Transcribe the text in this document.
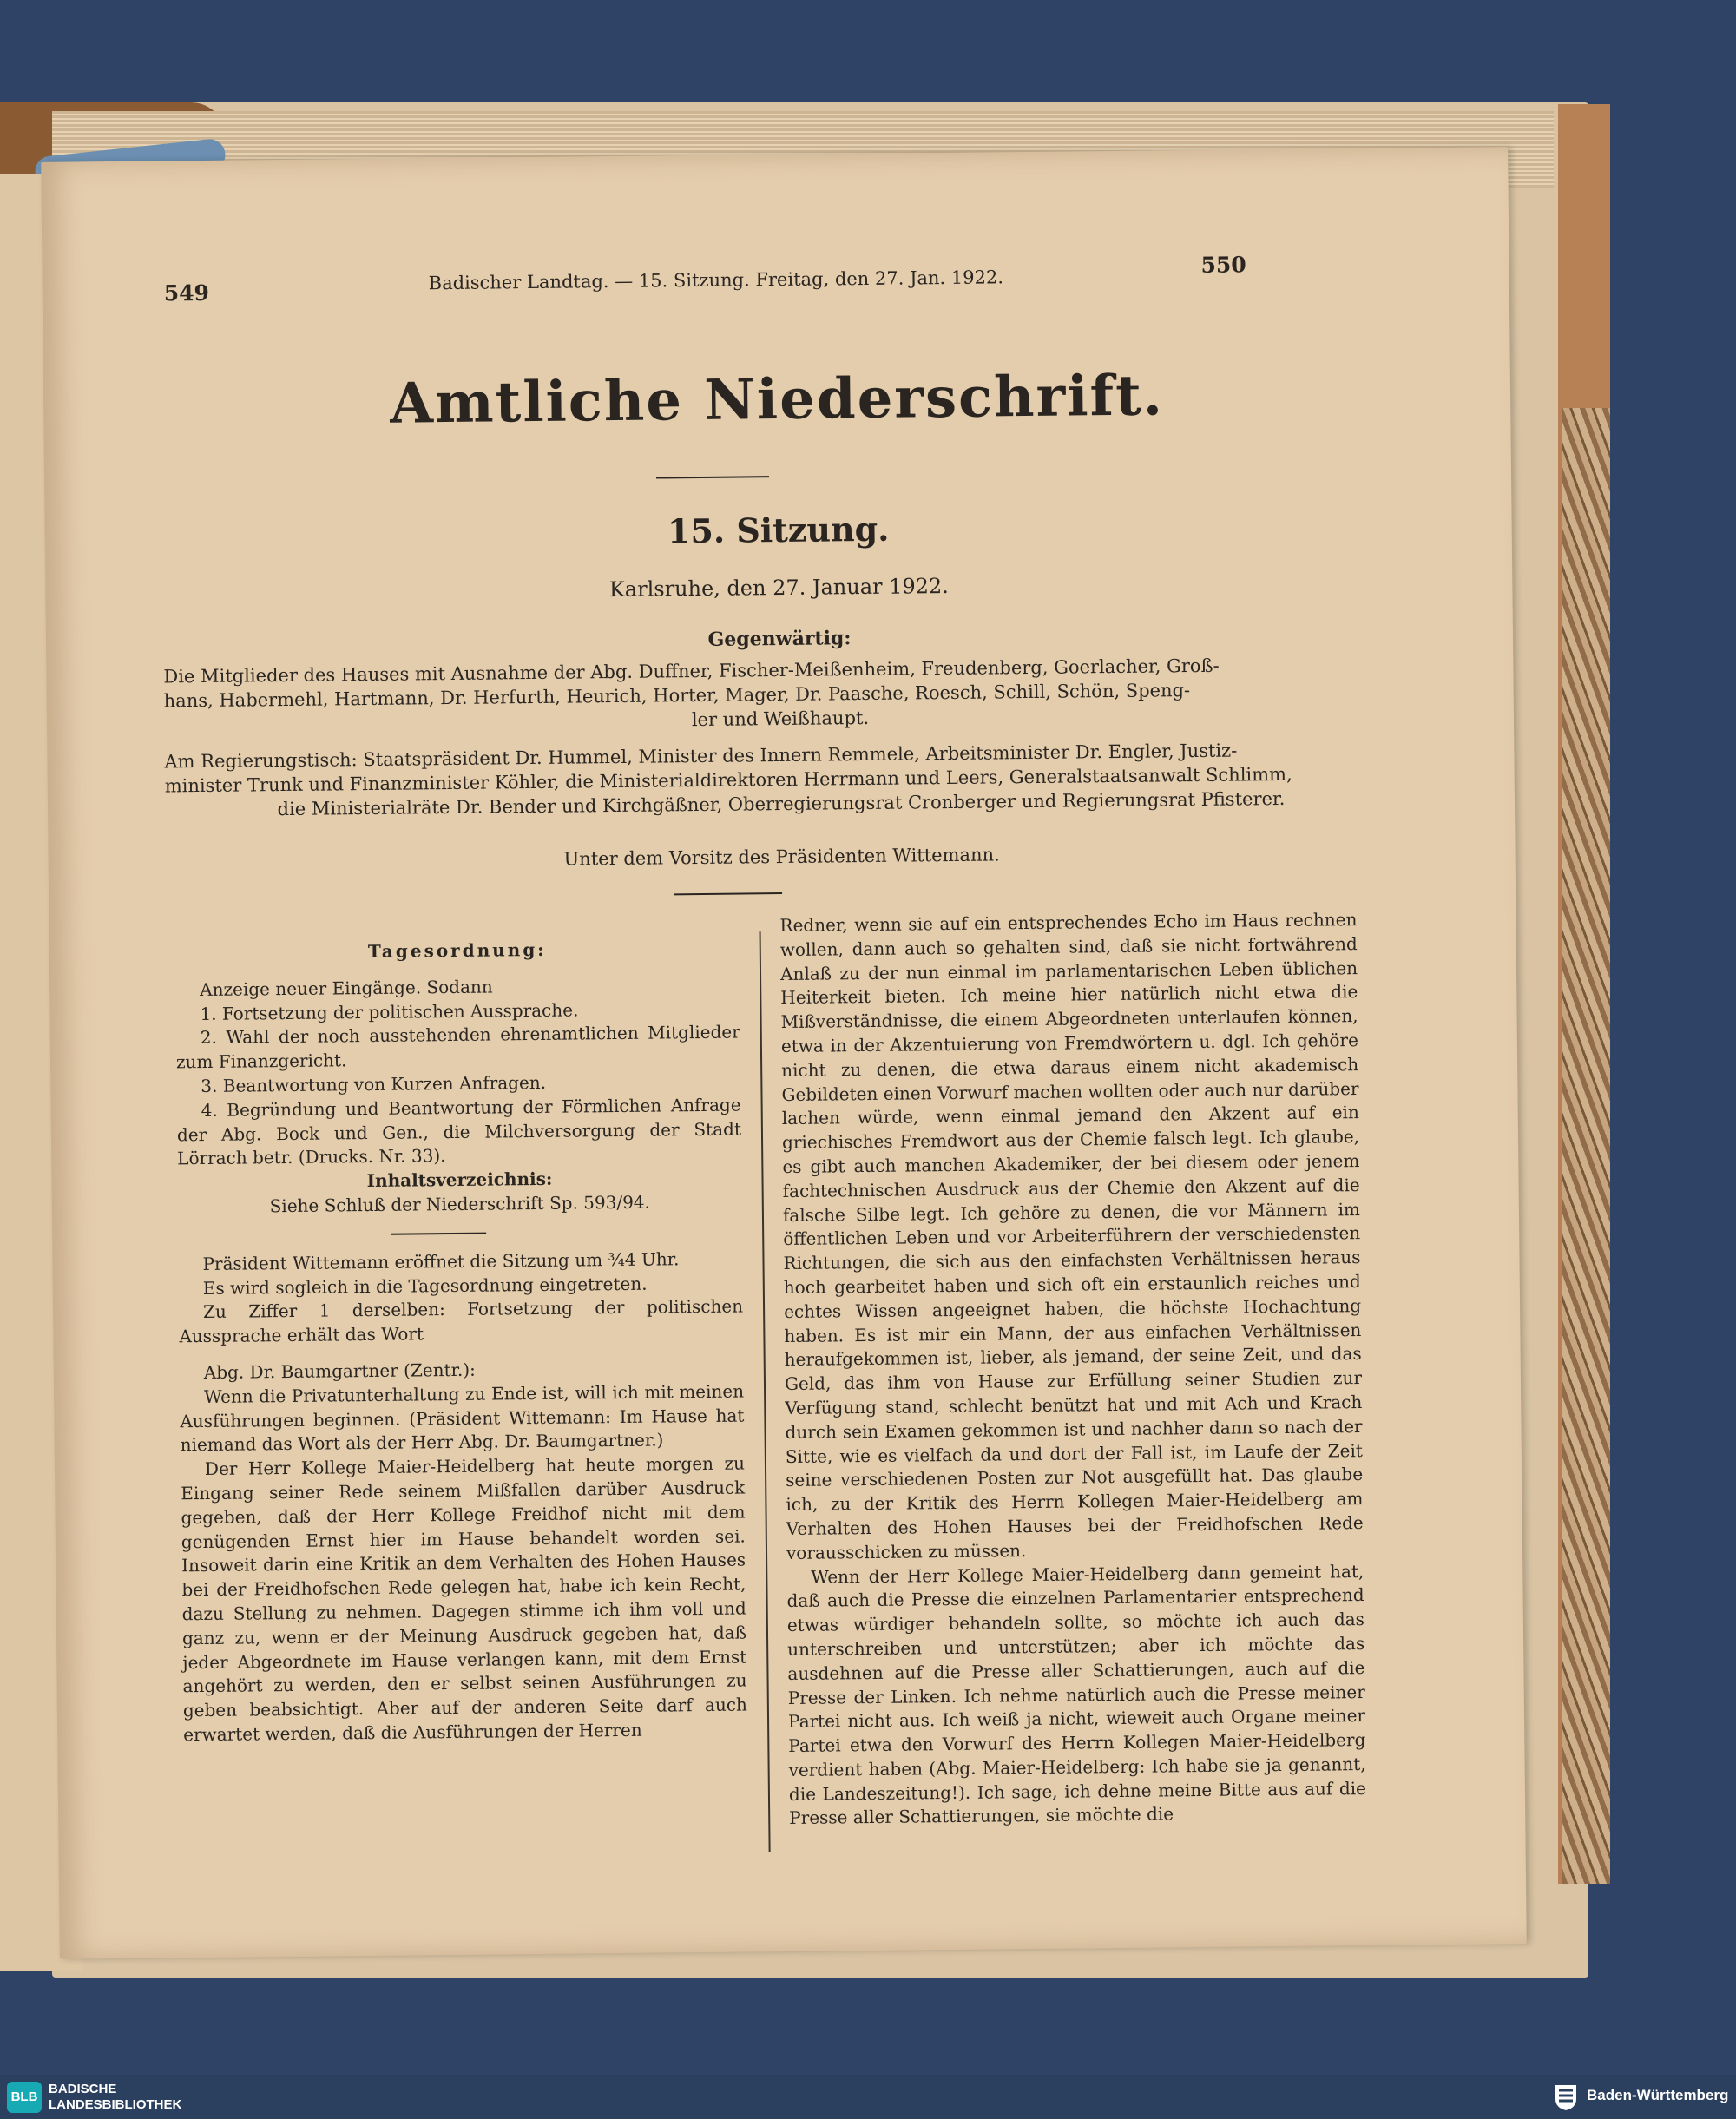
549	Badischer Landtag. — 15. Sitzung. Freitag, den 27. Jan. 1922.
550
Amtliche Niederschrift.
15. Sitzung.
Karlsruhe, den 27. Januar 1922.
Gegenwärtig:
Die Mitglieder des Hauses mit Ausnahme der Abg. Duffner, Fischer-Meißenheim, Freudenberg, Goerlacher, Groß-
hans, Habermehl, Hartmann, Dr. Herfurth, Heurich, Horter, Mager, Dr. Paasche, Roesch, Schill, Schön, Speng-
ler und Weißhaupt.
Am Regierungstisch: Staatspräsident Dr. Hummel, Minister des Innern Remmele, Arbeitsminister Dr. Engler, Justiz-
minister Trunk und Finanzminister Köhler, die Ministerialdirektoren Herrmann und Leers, Generalstaatsanwalt Schlimm,
die Ministerialräte Dr. Bender und Kirchgäßner, Oberregierungsrat Cronberger und Regierungsrat Pfisterer.
Unter dem Vorsitz des Präsidenten Wittemann.

Tagesordnung:

Anzeige neuer Eingänge. Sodann

1. Fortsetzung der politischen Aussprache.

2. Wahl der noch ausstehenden ehrenamtlichen Mitglieder zum Finanzgericht.

3. Beantwortung von Kurzen Anfragen.

4. Begründung und Beantwortung der Förmlichen Anfrage der Abg. Bock und Gen., die Milchversorgung der Stadt Lörrach betr. (Drucks. Nr. 33).

Inhaltsverzeichnis:

Siehe Schluß der Niederschrift Sp. 593/94.

Präsident Wittemann eröffnet die Sitzung um ¾4 Uhr.

Es wird sogleich in die Tagesordnung eingetreten.

Zu Ziffer 1 derselben: Fortsetzung der politischen Aussprache erhält das Wort

Abg. Dr. Baumgartner (Zentr.):

Wenn die Privatunterhaltung zu Ende ist, will ich mit meinen Ausführungen beginnen. (Präsident Wittemann: Im Hause hat niemand das Wort als der Herr Abg. Dr. Baumgartner.)

Der Herr Kollege Maier-Heidelberg hat heute morgen zu Eingang seiner Rede seinem Mißfallen darüber Ausdruck gegeben, daß der Herr Kollege Freidhof nicht mit dem genügenden Ernst hier im Hause behandelt worden sei. Insoweit darin eine Kritik an dem Verhalten des Hohen Hauses bei der Freidhofschen Rede gelegen hat, habe ich kein Recht, dazu Stellung zu nehmen. Dagegen stimme ich ihm voll und ganz zu, wenn er der Meinung Ausdruck gegeben hat, daß jeder Abgeordnete im Hause verlangen kann, mit dem Ernst angehört zu werden, den er selbst seinen Ausführungen zu geben beabsichtigt. Aber auf der anderen Seite darf auch erwartet werden, daß die Ausführungen der Herren

Redner, wenn sie auf ein entsprechendes Echo im Haus rechnen wollen, dann auch so gehalten sind, daß sie nicht fortwährend Anlaß zu der nun einmal im parlamentarischen Leben üblichen Heiterkeit bieten. Ich meine hier natürlich nicht etwa die Mißverständnisse, die einem Abgeordneten unterlaufen können, etwa in der Akzentuierung von Fremdwörtern u. dgl. Ich gehöre nicht zu denen, die etwa daraus einem nicht akademisch Gebildeten einen Vorwurf machen wollten oder auch nur darüber lachen würde, wenn einmal jemand den Akzent auf ein griechisches Fremdwort aus der Chemie falsch legt. Ich glaube, es gibt auch manchen Akademiker, der bei diesem oder jenem fachtechnischen Ausdruck aus der Chemie den Akzent auf die falsche Silbe legt. Ich gehöre zu denen, die vor Männern im öffentlichen Leben und vor Arbeiterführern der verschiedensten Richtungen, die sich aus den einfachsten Verhältnissen heraus hoch gearbeitet haben und sich oft ein erstaunlich reiches und echtes Wissen angeeignet haben, die höchste Hochachtung haben. Es ist mir ein Mann, der aus einfachen Verhältnissen heraufgekommen ist, lieber, als jemand, der seine Zeit, und das Geld, das ihm von Hause zur Erfüllung seiner Studien zur Verfügung stand, schlecht benützt hat und mit Ach und Krach durch sein Examen gekommen ist und nachher dann so nach der Sitte, wie es vielfach da und dort der Fall ist, im Laufe der Zeit seine verschiedenen Posten zur Not ausgefüllt hat. Das glaube ich, zu der Kritik des Herrn Kollegen Maier-Heidelberg am Verhalten des Hohen Hauses bei der Freidhofschen Rede vorausschicken zu müssen.

Wenn der Herr Kollege Maier-Heidelberg dann gemeint hat, daß auch die Presse die einzelnen Parlamentarier entsprechend etwas würdiger behandeln sollte, so möchte ich auch das unterschreiben und unterstützen; aber ich möchte das ausdehnen auf die Presse aller Schattierungen, auch auf die Presse der Linken. Ich nehme natürlich auch die Presse meiner Partei nicht aus. Ich weiß ja nicht, wieweit auch Organe meiner Partei etwa den Vorwurf des Herrn Kollegen Maier-Heidelberg verdient haben (Abg. Maier-Heidelberg: Ich habe sie ja genannt, die Landeszeitung!). Ich sage, ich dehne meine Bitte aus auf die Presse aller Schattierungen, sie möchte die

BLB
BADISCHE
LANDESBIBLIOTHEK
Baden-Württemberg
